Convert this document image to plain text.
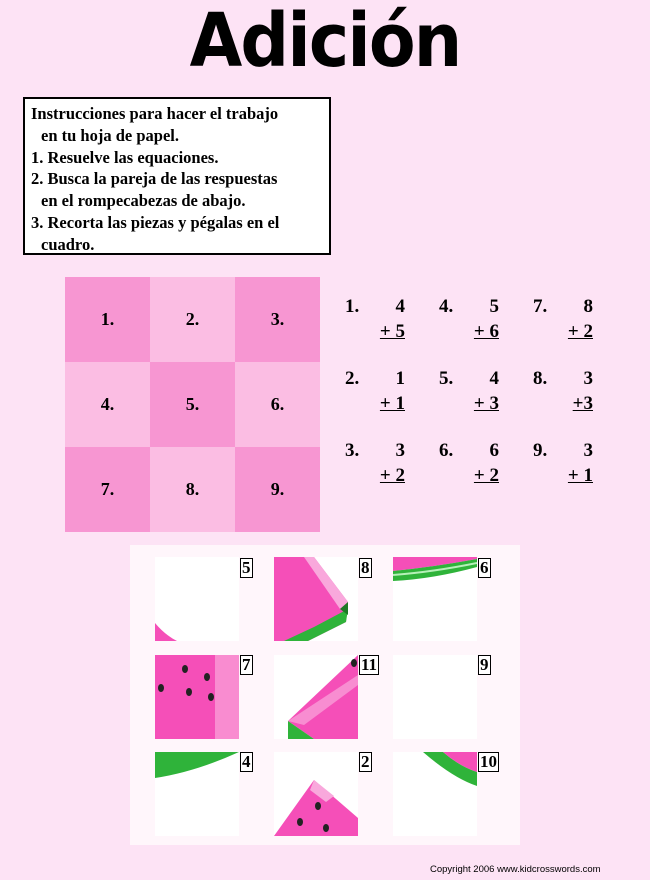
Adición
Instrucciones para hacer el trabajo
en tu hoja de papel.
1. Resuelve las equaciones.
2. Busca la pareja de las respuestas
en el rompecabezas de abajo.
3. Recorta las piezas y pégalas en el
cuadro.
1.	2.	3.
4.	5.	6.
7.	8.	9.
1. 4
+ 5
2. 1
+ 1
3. 3
+ 2
4. 5
+ 6
5. 4
+ 3
6. 6
+ 2
7. 8
+ 2
8. 3
+3
9. 3
+ 1
5	8	6
7	11	9
4	2	10
Copyright 2006 www.kidcrosswords.com
